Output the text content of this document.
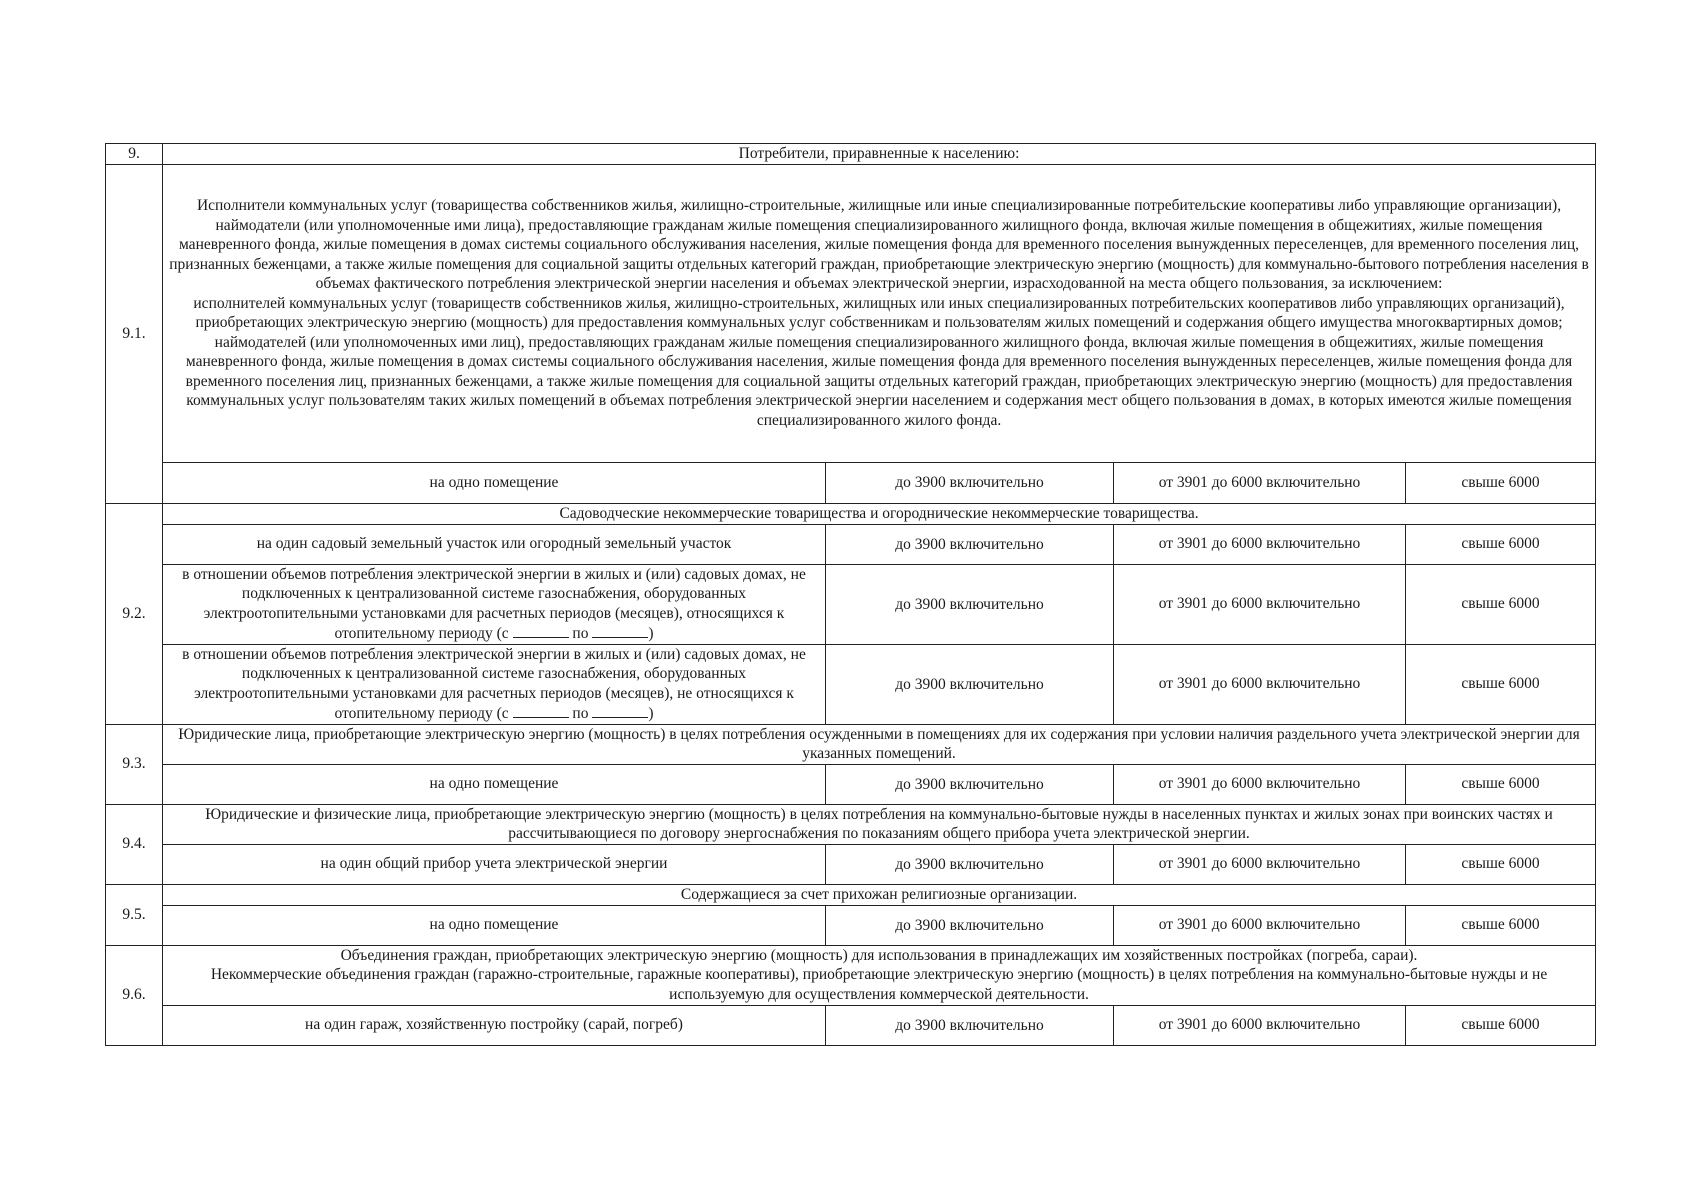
9.	Потребители, приравненные к населению:			
9.1.	Исполнители коммунальных услуг (товарищества собственников жилья, жилищно-строительные, жилищные или иные специализированные потребительские кооперативы либо управляющие организации), наймодатели (или уполномоченные ими лица), предоставляющие гражданам жилые помещения специализированного жилищного фонда, включая жилые помещения в общежитиях, жилые помещения маневренного фонда, жилые помещения в домах системы социального обслуживания населения, жилые помещения фонда для временного поселения вынужденных переселенцев, для временного поселения лиц, признанных беженцами, а также жилые помещения для социальной защиты отдельных категорий граждан, приобретающие электрическую энергию (мощность) для коммунально-бытового потребления населения в объемах фактического потребления электрической энергии населения и объемах электрической энергии, израсходованной на места общего пользования, за исключением:
исполнителей коммунальных услуг (товариществ собственников жилья, жилищно-строительных, жилищных или иных специализированных потребительских кооперативов либо управляющих организаций), приобретающих электрическую энергию (мощность) для предоставления коммунальных услуг собственникам и пользователям жилых помещений и содержания общего имущества многоквартирных домов;
наймодателей (или уполномоченных ими лиц), предоставляющих гражданам жилые помещения специализированного жилищного фонда, включая жилые помещения в общежитиях, жилые помещения маневренного фонда, жилые помещения в домах системы социального обслуживания населения, жилые помещения фонда для временного поселения вынужденных переселенцев, жилые помещения фонда для временного поселения лиц, признанных беженцами, а также жилые помещения для социальной защиты отдельных категорий граждан, приобретающих электрическую энергию (мощность) для предоставления коммунальных услуг пользователям таких жилых помещений в объемах потребления электрической энергии населением и содержания мест общего пользования в домах, в которых имеются жилые помещения специализированного жилого фонда.			

	на одно помещение	до 3900 включительно	от 3901 до 6000 включительно	свыше 6000
9.2.	Садоводческие некоммерческие товарищества и огороднические некоммерческие товарищества.			
	на один садовый земельный участок или огородный земельный участок	до 3900 включительно	от 3901 до 6000 включительно	свыше 6000
	в отношении объемов потребления электрической энергии в жилых и (или) садовых домах, не подключенных к централизованной системе газоснабжения, оборудованных электроотопительными установками для расчетных периодов (месяцев), относящихся к отопительному периоду (с по )	до 3900 включительно	от 3901 до 6000 включительно	свыше 6000
	в отношении объемов потребления электрической энергии в жилых и (или) садовых домах, не подключенных к централизованной системе газоснабжения, оборудованных электроотопительными установками для расчетных периодов (месяцев), не относящихся к отопительному периоду (с по )	до 3900 включительно	от 3901 до 6000 включительно	свыше 6000
9.3.	Юридические лица, приобретающие электрическую энергию (мощность) в целях потребления осужденными в помещениях для их содержания при условии наличия раздельного учета электрической энергии для указанных помещений.			
	на одно помещение	до 3900 включительно	от 3901 до 6000 включительно	свыше 6000
9.4.	Юридические и физические лица, приобретающие электрическую энергию (мощность) в целях потребления на коммунально-бытовые нужды в населенных пунктах и жилых зонах при воинских частях и рассчитывающиеся по договору энергоснабжения по показаниям общего прибора учета электрической энергии.			
	на один общий прибор учета электрической энергии	до 3900 включительно	от 3901 до 6000 включительно	свыше 6000
9.5.	Содержащиеся за счет прихожан религиозные организации.			
	на одно помещение	до 3900 включительно	от 3901 до 6000 включительно	свыше 6000
9.6.	Объединения граждан, приобретающих электрическую энергию (мощность) для использования в принадлежащих им хозяйственных постройках (погреба, сараи).
Некоммерческие объединения граждан (гаражно-строительные, гаражные кооперативы), приобретающие электрическую энергию (мощность) в целях потребления на коммунально-бытовые нужды и не используемую для осуществления коммерческой деятельности.			

	на один гараж, хозяйственную постройку (сарай, погреб)	до 3900 включительно	от 3901 до 6000 включительно	свыше 6000
